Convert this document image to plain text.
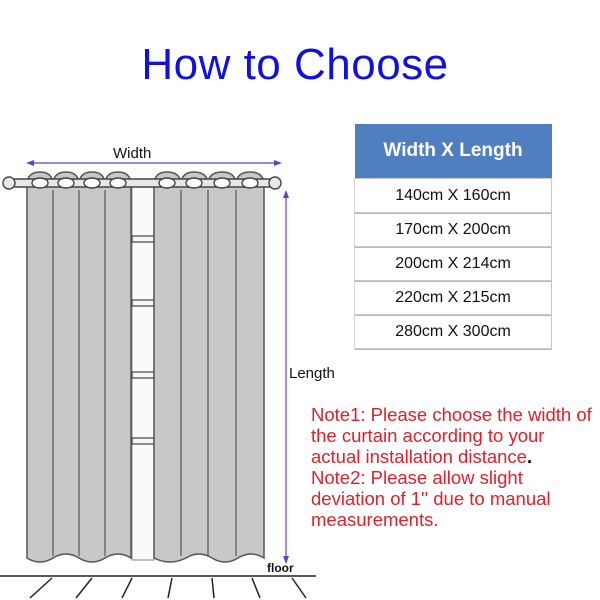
How to Choose
Width
Length
floor
Width X Length
140cm X 160cm
170cm X 200cm
200cm X 214cm
220cm X 215cm
280cm X 300cm

Note1: Please choose the width of the curtain according to your actual installation distance.

Note2: Please allow slight deviation of 1'' due to manual measurements.
